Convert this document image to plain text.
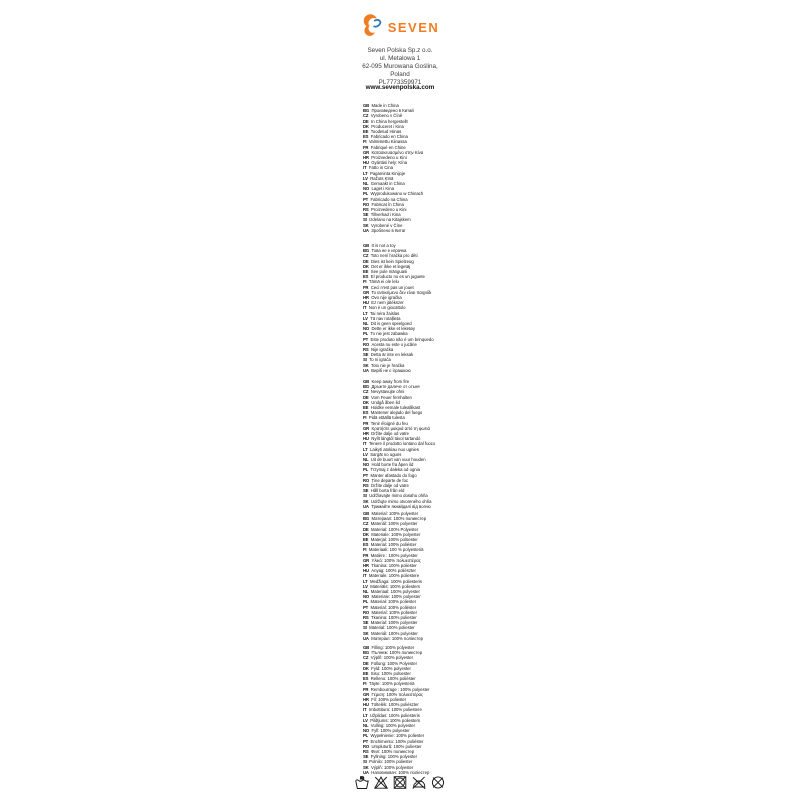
SEVEN
Seven Polska Sp.z o.o.
ul. Metalowa 1
62-095 Murowana Goślina,
Poland
PL7773359971
www.sevenpolska.com
GB Made in China
BG Произведено в Китай
CZ Vyrobeno v Číně
DE In China hergestellt
DK Produceret i Kina
EE Toodetud Hiinas
ES Fabricado en China
FI Valmistettu Kiinassa
FR Fabriqué en Chine
GR Κατασκευασμένο στην Κίνα
HR Proizvedeno u Kini
HU Gyártási hely: Kína
IT Fatto in Cina
LT Pagaminta Kinijoje
LV Ražots Ķīnā
NL Gemaakt in China
NO Laget i Kina
PL Wyprodukowano w Chinach
PT Fabricado na China
RO Fabricat în China
RS Proizvedeno u Kini
SE Tillverkad i Kina
SI Izdelano na Kitajskem
SK Vyrobené v Číne
UA Зроблено в Китаї
GB It is not a toy
BG Това не е играчка
CZ Toto není hračka pro děti
DE Dies ist kein Spielzeug
DK Det er ikke et legetøj
EE See pole mänguasi
ES El producto no es un juguete
FI Tämä ei ole lelu
FR Ceci n'est pas un jouet
GR Το αντικείμενο δεν είναι παιχνίδι
HR Ovo nije igračka
HU Ez nem játékszer
IT Non è un giocattolo
LT Tai nėra žaislas
LV Tā nav rotaļlieta
NL Dit is geen speelgoed
NO Dette er ikke et leketøy
PL To nie jest zabawka
PT Este produto não é um brinquedo
RO Acesta nu este o jucărie
RS Nije igračka
SE Detta är inte en leksak
SI To ni igrača
SK Toto nie je hračka
UA Виріб не є іграшкою
GB Keep away from fire
BG Дръжте далече от огъня
CZ Nevystavujte ohni
DE Vom Feuer fernhalten
DK Undgå åben ild
EE Hoidke eemale tuleallikast
ES Mantener alejado del fuego
FI Pidä etäällä tulesta
FR Tenir éloigné du feu
GR Κρατήστε μακριά από τη φωτιά
HR Držite dalje od vatre
HU Nyílt lángtól távol tartandó
IT Tenere il prodotto lontano dal fuoco
LT Laikyti atokiau nuo ugnies
LV Sargāt no uguns
NL Uit de buurt van vuur houden
NO Hold borte fra åpen ild
PL Trzymaj z daleka od ognia
PT Manter afastado do fogo
RO Ține departe de foc
RS Držite dalje od vatre
SE Håll borta från eld
SI Udržiavajte mimo dosahu ohňa
SK Udržujte mimo otvoreného ohňa
UA Тримайте якнайдалі від вогню
GB Material: 100% polyester
BG Материал: 100% полиестер
CZ Materiál: 100% polyester
DE Material: 100% Polyester
DK Materiale: 100% polyester
EE Materjal: 100% polüester
ES Material: 100% poliéster
FI Materiaali: 100 % polyesteriä
FR Matière : 100% polyester
GR Υλικό: 100% πολυεστέρας
HR Tkanina: 100% poliester
HU Anyag: 100% poliészter
IT Materiale: 100% poliestere
LT Medžiaga: 100% poliesteris
LV Materiāls: 100% poliesters
NL Materiaal: 100% polyester
NO Materiale: 100% polyester
PL Materiał: 100% poliester
PT Material: 100% poliéster
RO Material: 100% poliester
RS Tkanina: 100% poliester
SE Material: 100% polyester
SI Material: 100% poliester
SK Materiál: 100% polyester
UA Матеріал: 100% поліестер
GB Filling: 100% polyester
BG Пълнеж: 100% полиестер
CZ Výplň: 100% polyester
DE Füllung: 100% Polyester
DK Fyld: 100% polyester
EE Sisu: 100% polüester
ES Relleno: 100% poliéster
FI Täyte: 100% polyesteriä
FR Rembourrage : 100% polyester
GR Γέμιση: 100% πολυεστέρας
HR Fil: 100% poliester
HU Töltelék: 100% poliészter
IT Imbottitura: 100% poliestere
LT Užpildas: 100% poliesteris
LV Pildījums: 100% poliesters
NL Vulling: 100% polyester
NO Fyll: 100% polyester
PL Wypełnienie: 100% poliester
PT Enchimento: 100% poliéster
RO Umplutură: 100% poliester
RS Фил: 100% полиестер
SE Fyllning: 100% polyester
SI Polnilo: 100% poliester
SK Výplň: 100% polyester
UA Наповнювач: 100% поліестер
